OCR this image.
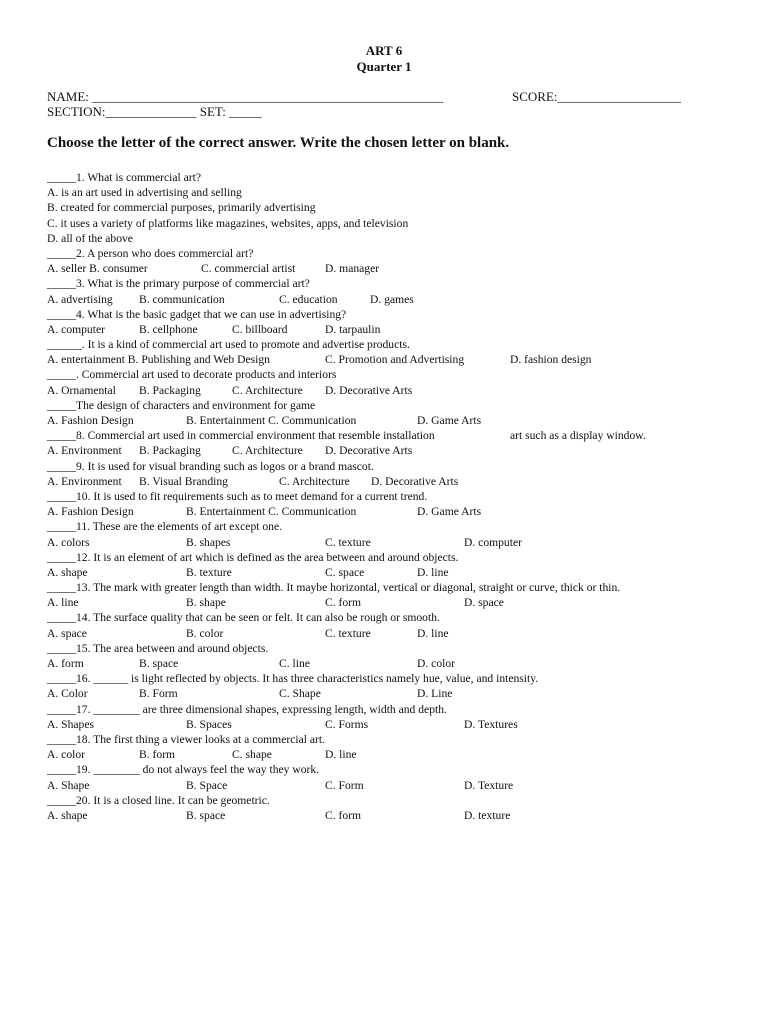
ART 6
Quarter 1
NAME: ______________________________________________________	SCORE:___________________
SECTION:______________ SET: _____
Choose the letter of the correct answer. Write the chosen letter on blank.
_____1. What is commercial art?
A. is an art used in advertising and selling
B. created for commercial purposes, primarily advertising
C. it uses a variety of platforms like magazines, websites, apps, and television
D. all of the above
_____2. A person who does commercial art?
A. seller B. consumer	C. commercial artist	D. manager
_____3. What is the primary purpose of commercial art?
A. advertising B. communication	C. education	D. games
_____4. What is the basic gadget that we can use in advertising?
A. computer	B. cellphone	C. billboard	D. tarpaulin
______. It is a kind of commercial art used to promote and advertise products.
A. entertainment B. Publishing and Web Design	C. Promotion and Advertising	D. fashion design
_____. Commercial art used to decorate products and interiors
A. Ornamental B. Packaging	C. Architecture D. Decorative Arts
_____The design of characters and environment for game
A. Fashion Design	B. Entertainment C. Communication	D. Game Arts
_____8. Commercial art used in commercial environment that resemble installation	art such as a display window.
A. Environment B. Packaging	C. Architecture D. Decorative Arts
_____9. It is used for visual branding such as logos or a brand mascot.
A. Environment B. Visual Branding	C. Architecture D. Decorative Arts
_____10. It is used to fit requirements such as to meet demand for a current trend.
A. Fashion Design	B. Entertainment C. Communication	D. Game Arts
_____11. These are the elements of art except one.
A. colors	B. shapes	C. texture	D. computer
_____12. It is an element of art which is defined as the area between and around objects.
A. shape	B. texture	C. space	D. line
_____13. The mark with greater length than width. It maybe horizontal, vertical or diagonal, straight or curve, thick or thin.
A. line	B. shape	C. form	D. space
_____14. The surface quality that can be seen or felt. It can also be rough or smooth.
A. space	B. color	C. texture	D. line
_____15. The area between and around objects.
A. form	B. space	C. line	D. color
_____16. ______ is light reflected by objects. It has three characteristics namely hue, value, and intensity.
A. Color	B. Form	C. Shape	D. Line
_____17. ________ are three dimensional shapes, expressing length, width and depth.
A. Shapes	B. Spaces	C. Forms	D. Textures
_____18. The first thing a viewer looks at a commercial art.
A. color	B. form	C. shape	D. line
_____19. ________ do not always feel the way they work.
A. Shape	B. Space	C. Form	D. Texture
_____20. It is a closed line. It can be geometric.
A. shape	B. space	C. form	D. texture
